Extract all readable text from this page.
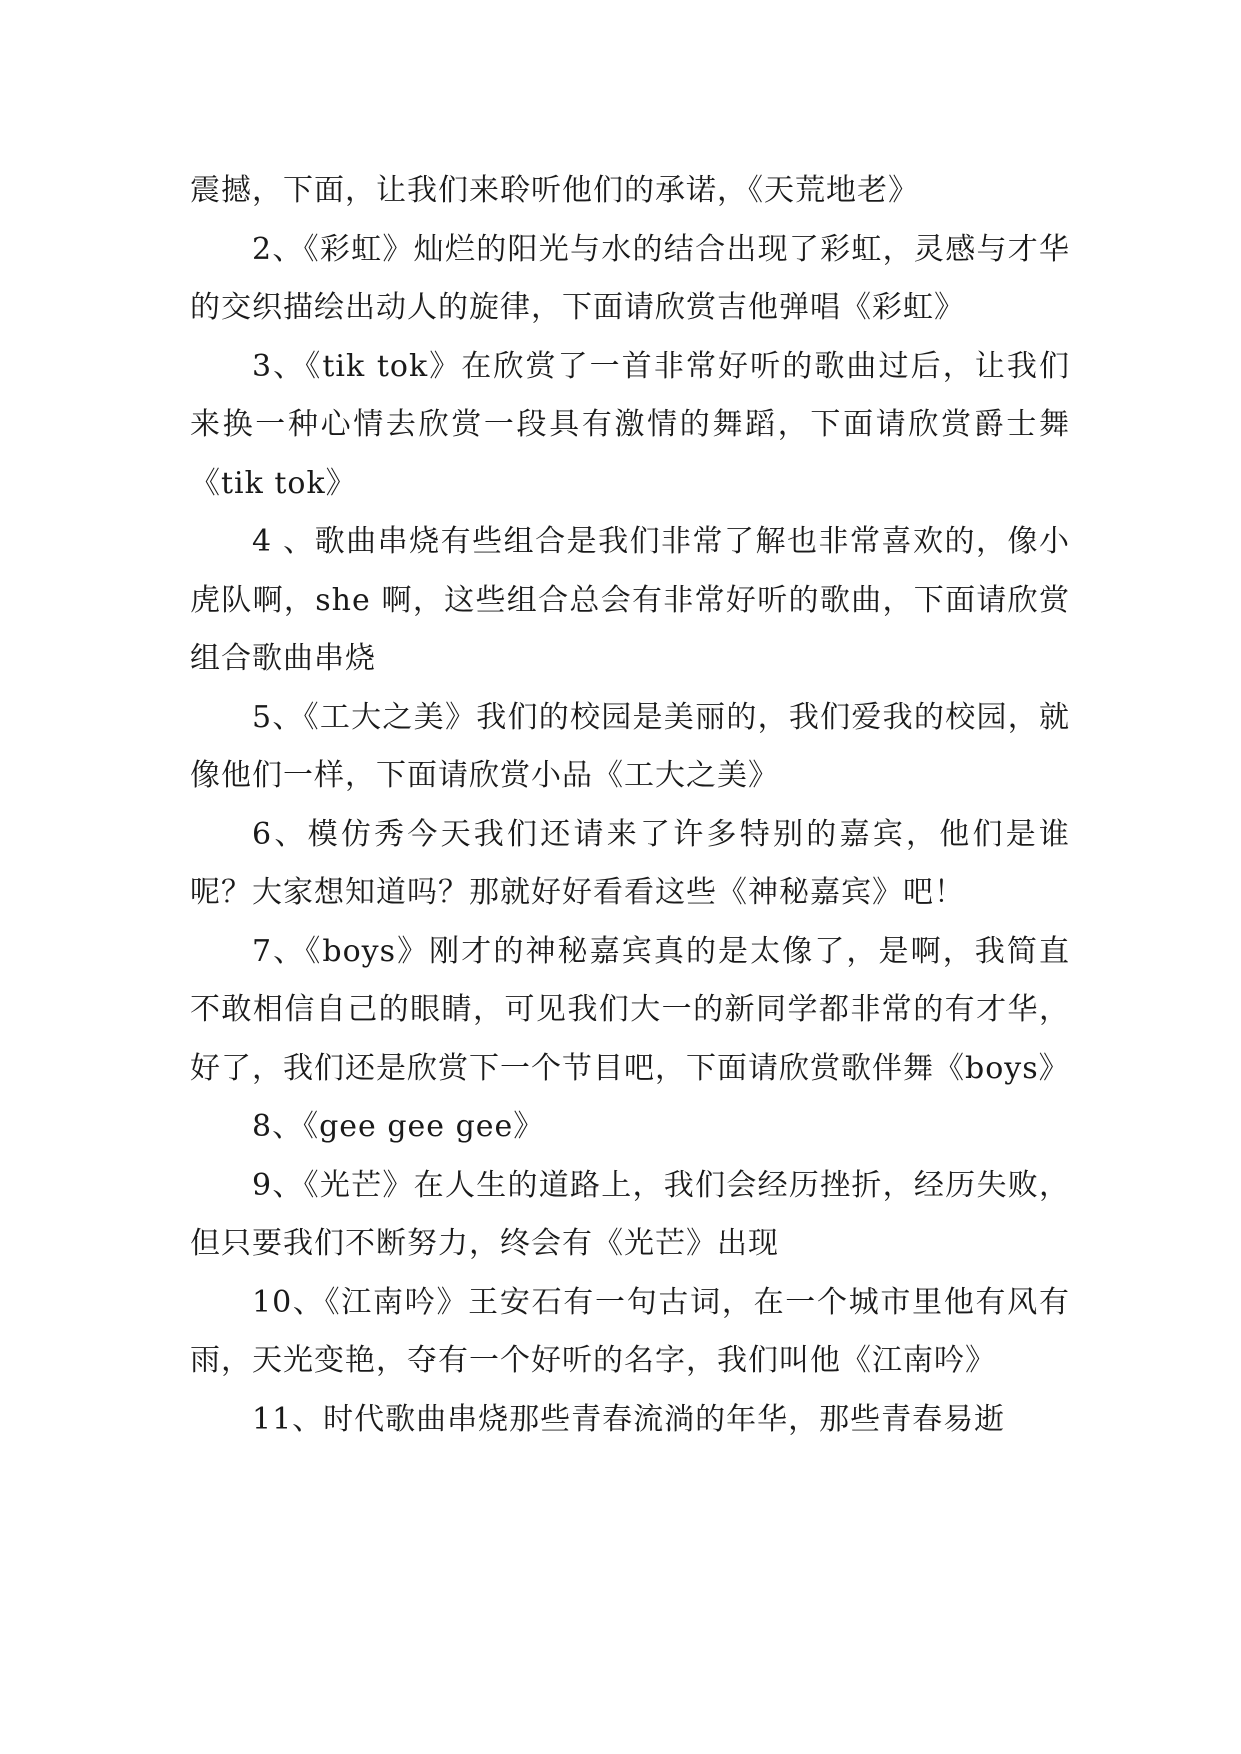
震撼，下面，让我们来聆听他们的承诺，《天荒地老》

2、《彩虹》灿烂的阳光与水的结合出现了彩虹，灵感与才华的交织描绘出动人的旋律，下面请欣赏吉他弹唱《彩虹》

3、《tik tok》在欣赏了一首非常好听的歌曲过后，让我们来换一种心情去欣赏一段具有激情的舞蹈，下面请欣赏爵士舞《tik tok》

4 、歌曲串烧有些组合是我们非常了解也非常喜欢的，像小虎队啊，she 啊，这些组合总会有非常好听的歌曲，下面请欣赏组合歌曲串烧

5、《工大之美》我们的校园是美丽的，我们爱我的校园，就像他们一样，下面请欣赏小品《工大之美》

6、模仿秀今天我们还请来了许多特别的嘉宾，他们是谁呢？大家想知道吗？那就好好看看这些《神秘嘉宾》吧！

7、《boys》刚才的神秘嘉宾真的是太像了，是啊，我简直不敢相信自己的眼睛，可见我们大一的新同学都非常的有才华，好了，我们还是欣赏下一个节目吧，下面请欣赏歌伴舞《boys》

8、《gee gee gee》

9、《光芒》在人生的道路上，我们会经历挫折，经历失败，但只要我们不断努力，终会有《光芒》出现

10、《江南吟》王安石有一句古词，在一个城市里他有风有雨，天光变艳，夺有一个好听的名字，我们叫他《江南吟》

11、时代歌曲串烧那些青春流淌的年华，那些青春易逝
